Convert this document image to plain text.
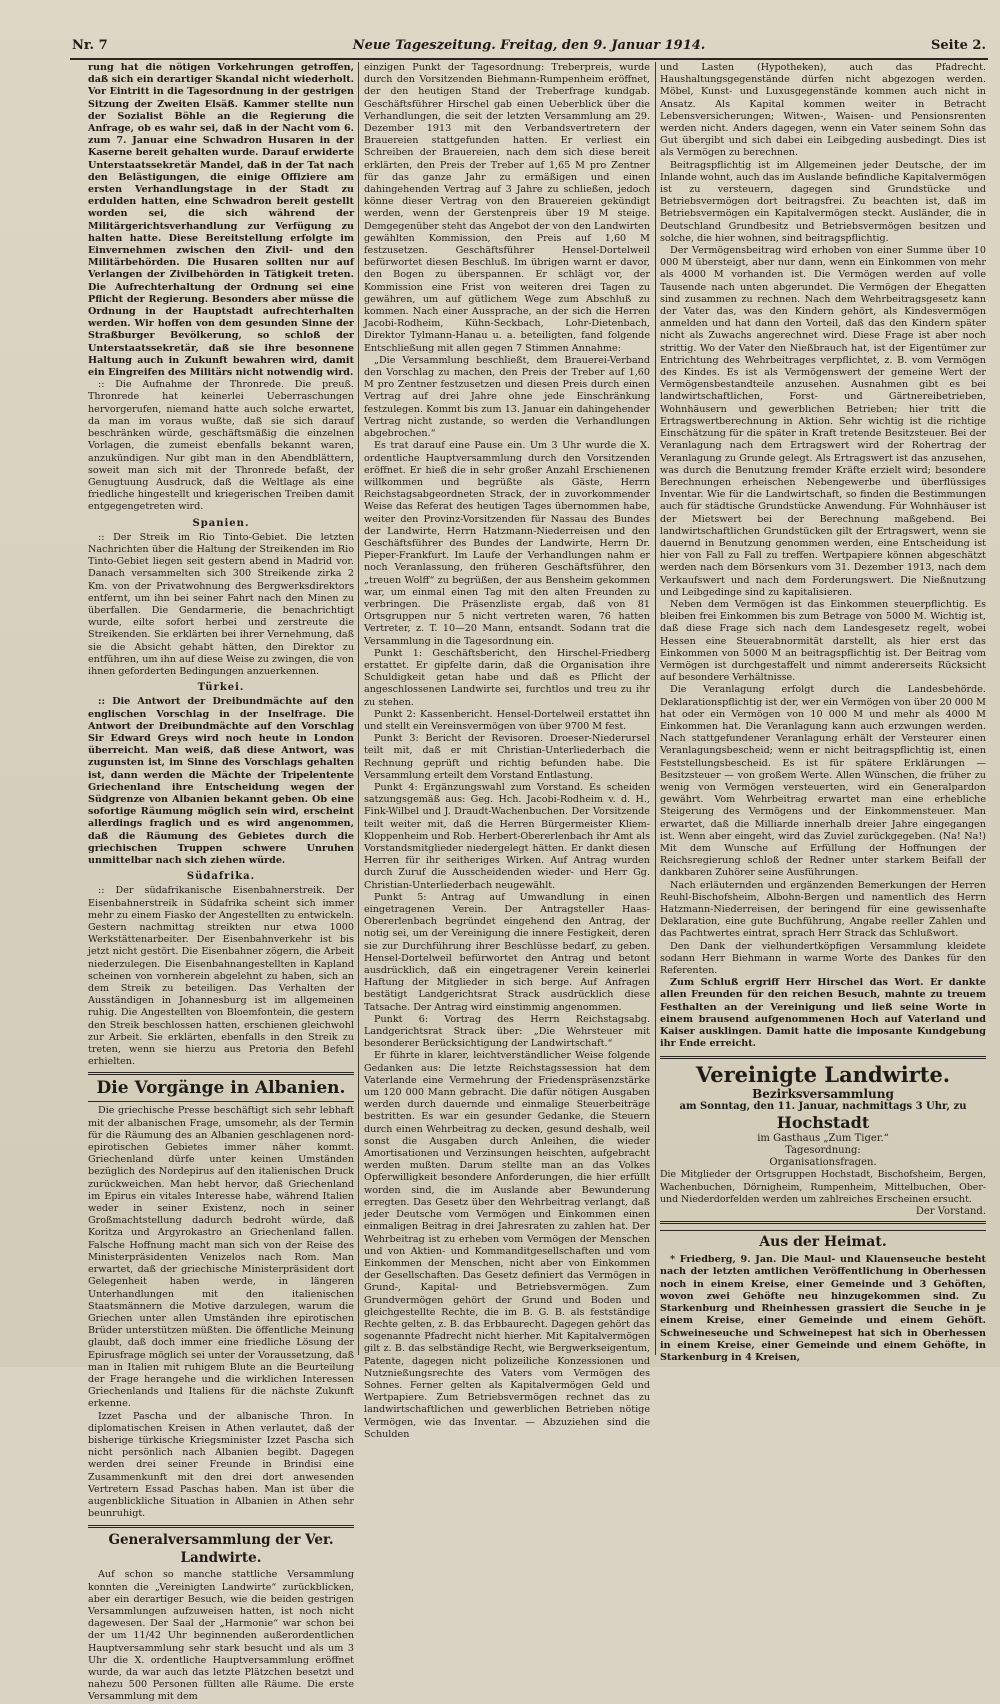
Nr. 7	Neue Tageszeitung. Freitag, den 9. Januar 1914.	Seite 2.

rung hat die nötigen Vorkehrungen getroffen, daß sich ein derartiger Skandal nicht wiederholt. Vor Eintritt in die Tagesordnung in der gestrigen Sitzung der Zweiten Elsäß. Kammer stellte nun der Sozialist Böhle an die Regierung die Anfrage, ob es wahr sei, daß in der Nacht vom 6. zum 7. Januar eine Schwadron Husaren in der Kaserne bereit gehalten wurde. Darauf erwiderte Unterstaatssekretär Mandel, daß in der Tat nach den Belästigungen, die einige Offiziere am ersten Verhandlungstage in der Stadt zu erdulden hatten, eine Schwadron bereit gestellt worden sei, die sich während der Militärgerichtsverhandlung zur Verfügung zu halten hatte. Diese Bereitstellung erfolgte im Einvernehmen zwischen den Zivil- und den Militärbehörden. Die Husaren sollten nur auf Verlangen der Zivilbehörden in Tätigkeit treten. Die Aufrechterhaltung der Ordnung sei eine Pflicht der Regierung. Besonders aber müsse die Ordnung in der Hauptstadt aufrechterhalten werden. Wir hoffen von dem gesunden Sinne der Straßburger Bevölkerung, so schloß der Unterstaatssekretär, daß sie ihre besonnene Haltung auch in Zukunft bewahren wird, damit ein Eingreifen des Militärs nicht notwendig wird.

:: Die Aufnahme der Thronrede. Die preuß. Thronrede hat keinerlei Ueberraschungen hervorgerufen, niemand hatte auch solche erwartet, da man im voraus wußte, daß sie sich darauf beschränken würde, geschäftsmäßig die einzelnen Vorlagen, die zumeist ebenfalls bekannt waren, anzukündigen. Nur gibt man in den Abendblättern, soweit man sich mit der Thronrede befaßt, der Genugtuung Ausdruck, daß die Weltlage als eine friedliche hingestellt und kriegerischen Treiben damit entgegengetreten wird.

Spanien.

:: Der Streik im Rio Tinto-Gebiet. Die letzten Nachrichten über die Haltung der Streikenden im Rio Tinto-Gebiet liegen seit gestern abend in Madrid vor. Danach versammelten sich 300 Streikende zirka 2 Km. von der Privatwohnung des Bergwerksdirektors entfernt, um ihn bei seiner Fahrt nach den Minen zu überfallen. Die Gendarmerie, die benachrichtigt wurde, eilte sofort herbei und zerstreute die Streikenden. Sie erklärten bei ihrer Vernehmung, daß sie die Absicht gehabt hätten, den Direktor zu entführen, um ihn auf diese Weise zu zwingen, die von ihnen geforderten Bedingungen anzuerkennen.

Türkei.

:: Die Antwort der Dreibundmächte auf den englischen Vorschlag in der Inselfrage. Die Antwort der Dreibundmächte auf den Vorschlag Sir Edward Greys wird noch heute in London überreicht. Man weiß, daß diese Antwort, was zugunsten ist, im Sinne des Vorschlags gehalten ist, dann werden die Mächte der Tripelentente Griechenland ihre Entscheidung wegen der Südgrenze von Albanien bekannt geben. Ob eine sofortige Räumung möglich sein wird, erscheint allerdings fraglich und es wird angenommen, daß die Räumung des Gebietes durch die griechischen Truppen schwere Unruhen unmittelbar nach sich ziehen würde.

Südafrika.

:: Der südafrikanische Eisenbahnerstreik. Der Eisenbahnerstreik in Südafrika scheint sich immer mehr zu einem Fiasko der Angestellten zu entwickeln. Gestern nachmittag streikten nur etwa 1000 Werkstättenarbeiter. Der Eisenbahnverkehr ist bis jetzt nicht gestört. Die Eisenbahner zögern, die Arbeit niederzulegen. Die Eisenbahnangestellten in Kapland scheinen von vornherein abgelehnt zu haben, sich an dem Streik zu beteiligen. Das Verhalten der Ausständigen in Johannesburg ist im allgemeinen ruhig. Die Angestellten von Bloemfontein, die gestern den Streik beschlossen hatten, erschienen gleichwohl zur Arbeit. Sie erklärten, ebenfalls in den Streik zu treten, wenn sie hierzu aus Pretoria den Befehl erhielten.

Die Vorgänge in Albanien.

Die griechische Presse beschäftigt sich sehr lebhaft mit der albanischen Frage, umsomehr, als der Termin für die Räumung des an Albanien geschlagenen nord-epirotischen Gebietes immer näher kommt. Griechenland dürfe unter keinen Umständen bezüglich des Nordepirus auf den italienischen Druck zurückweichen. Man hebt hervor, daß Griechenland im Epirus ein vitales Interesse habe, während Italien weder in seiner Existenz, noch in seiner Großmachtstellung dadurch bedroht würde, daß Koritza und Argyrokastro an Griechenland fallen. Falsche Hoffnung macht man sich von der Reise des Ministerpräsidenten Venizelos nach Rom. Man erwartet, daß der griechische Ministerpräsident dort Gelegenheit haben werde, in längeren Unterhandlungen mit den italienischen Staatsmännern die Motive darzulegen, warum die Griechen unter allen Umständen ihre epirotischen Brüder unterstützen müßten. Die öffentliche Meinung glaubt, daß doch immer eine friedliche Lösung der Epirusfrage möglich sei unter der Voraussetzung, daß man in Italien mit ruhigem Blute an die Beurteilung der Frage herangehe und die wirklichen Interessen Griechenlands und Italiens für die nächste Zukunft erkenne.

Izzet Pascha und der albanische Thron. In diplomatischen Kreisen in Athen verlautet, daß der bisherige türkische Kriegsminister Izzet Pascha sich nicht persönlich nach Albanien begibt. Dagegen werden drei seiner Freunde in Brindisi eine Zusammenkunft mit den drei dort anwesenden Vertretern Essad Paschas haben. Man ist über die augenblickliche Situation in Albanien in Athen sehr beunruhigt.

Generalversammlung der Ver. Landwirte.

Auf schon so manche stattliche Versammlung konnten die „Vereinigten Landwirte“ zurückblicken, aber ein derartiger Besuch, wie die beiden gestrigen Versammlungen aufzuweisen hatten, ist noch nicht dagewesen. Der Saal der „Harmonie“ war schon bei der um 11/42 Uhr beginnenden außerordentlichen Hauptversammlung sehr stark besucht und als um 3 Uhr die X. ordentliche Hauptversammlung eröffnet wurde, da war auch das letzte Plätzchen besetzt und nahezu 500 Personen füllten alle Räume. Die erste Versammlung mit dem

einzigen Punkt der Tagesordnung: Treberpreis, wurde durch den Vorsitzenden Biehmann-Rumpenheim eröffnet, der den heutigen Stand der Treberfrage kundgab. Geschäftsführer Hirschel gab einen Ueberblick über die Verhandlungen, die seit der letzten Versammlung am 29. Dezember 1913 mit den Verbandsvertretern der Brauereien stattgefunden hatten. Er verliest ein Schreiben der Brauereien, nach dem sich diese bereit erklärten, den Preis der Treber auf 1,65 M pro Zentner für das ganze Jahr zu ermäßigen und einen dahingehenden Vertrag auf 3 Jahre zu schließen, jedoch könne dieser Vertrag von den Brauereien gekündigt werden, wenn der Gerstenpreis über 19 M steige. Demgegenüber steht das Angebot der von den Landwirten gewählten Kommission, den Preis auf 1,60 M festzusetzen. Geschäftsführer Hensel-Dortelweil befürwortet diesen Beschluß. Im übrigen warnt er davor, den Bogen zu überspannen. Er schlägt vor, der Kommission eine Frist von weiteren drei Tagen zu gewähren, um auf gütlichem Wege zum Abschluß zu kommen. Nach einer Aussprache, an der sich die Herren Jacobi-Rodheim, Kühn-Seckbach, Lohr-Dietenbach, Direktor Tylmann-Hanau u. a. beteiligten, fand folgende Entschließung mit allen gegen 7 Stimmen Annahme:

„Die Versammlung beschließt, dem Brauerei-Verband den Vorschlag zu machen, den Preis der Treber auf 1,60 M pro Zentner festzusetzen und diesen Preis durch einen Vertrag auf drei Jahre ohne jede Einschränkung festzulegen. Kommt bis zum 13. Januar ein dahingehender Vertrag nicht zustande, so werden die Verhandlungen abgebrochen.“

Es trat darauf eine Pause ein. Um 3 Uhr wurde die X. ordentliche Hauptversammlung durch den Vorsitzenden eröffnet. Er hieß die in sehr großer Anzahl Erschienenen willkommen und begrüßte als Gäste, Herrn Reichstagsabgeordneten Strack, der in zuvorkommender Weise das Referat des heutigen Tages übernommen habe, weiter den Provinz-Vorsitzenden für Nassau des Bundes der Landwirte, Herrn Hatzmann-Niederreisen und den Geschäftsführer des Bundes der Landwirte, Herrn Dr. Pieper-Frankfurt. Im Laufe der Verhandlungen nahm er noch Veranlassung, den früheren Geschäftsführer, den „treuen Wolff“ zu begrüßen, der aus Bensheim gekommen war, um einmal einen Tag mit den alten Freunden zu verbringen. Die Präsenzliste ergab, daß von 81 Ortsgruppen nur 5 nicht vertreten waren, 76 hatten Vertreter, z. T. 10—20 Mann, entsandt. Sodann trat die Versammlung in die Tagesordnung ein.

Punkt 1: Geschäftsbericht, den Hirschel-Friedberg erstattet. Er gipfelte darin, daß die Organisation ihre Schuldigkeit getan habe und daß es Pflicht der angeschlossenen Landwirte sei, furchtlos und treu zu ihr zu stehen.

Punkt 2: Kassenbericht. Hensel-Dortelweil erstattet ihn und stellt ein Vereinsvermögen von über 9700 M fest.

Punkt 3: Bericht der Revisoren. Droeser-Niederursel teilt mit, daß er mit Christian-Unterliederbach die Rechnung geprüft und richtig befunden habe. Die Versammlung erteilt dem Vorstand Entlastung.

Punkt 4: Ergänzungswahl zum Vorstand. Es scheiden satzungsgemäß aus: Geg. Hch. Jacobi-Rodheim v. d. H., Fink-Wilbel und J. Draudt-Wachenbuchen. Der Vorsitzende teilt weiter mit, daß die Herren Bürgermeister Kliem-Kloppenheim und Rob. Herbert-Obererlenbach ihr Amt als Vorstandsmitglieder niedergelegt hätten. Er dankt diesen Herren für ihr seitheriges Wirken. Auf Antrag wurden durch Zuruf die Ausscheidenden wieder- und Herr Gg. Christian-Unterliederbach neugewählt.

Punkt 5: Antrag auf Umwandlung in einen eingetragenen Verein. Der Antragsteller Haas-Obererlenbach begründet eingehend den Antrag, der notig sei, um der Vereinigung die innere Festigkeit, deren sie zur Durchführung ihrer Beschlüsse bedarf, zu geben. Hensel-Dortelweil befürwortet den Antrag und betont ausdrücklich, daß ein eingetragener Verein keinerlei Haftung der Mitglieder in sich berge. Auf Anfragen bestätigt Landgerichtsrat Strack ausdrücklich diese Tatsache. Der Antrag wird einstimmig angenommen.

Punkt 6: Vortrag des Herrn Reichstagsabg. Landgerichtsrat Strack über: „Die Wehrsteuer mit besonderer Berücksichtigung der Landwirtschaft.“

Er führte in klarer, leichtverständlicher Weise folgende Gedanken aus: Die letzte Reichstagssession hat dem Vaterlande eine Vermehrung der Friedenspräsenzstärke um 120 000 Mann gebracht. Die dafür nötigen Ausgaben werden durch dauernde und einmalige Steuerbeiträge bestritten. Es war ein gesunder Gedanke, die Steuern durch einen Wehrbeitrag zu decken, gesund deshalb, weil sonst die Ausgaben durch Anleihen, die wieder Amortisationen und Verzinsungen heischten, aufgebracht werden mußten. Darum stellte man an das Volkes Opferwilligkeit besondere Anforderungen, die hier erfüllt worden sind, die im Auslande aber Bewunderung erregten. Das Gesetz über den Wehrbeitrag verlangt, daß jeder Deutsche vom Vermögen und Einkommen einen einmaligen Beitrag in drei Jahresraten zu zahlen hat. Der Wehrbeitrag ist zu erheben vom Vermögen der Menschen und von Aktien- und Kommanditgesellschaften und vom Einkommen der Menschen, nicht aber von Einkommen der Gesellschaften. Das Gesetz definiert das Vermögen in Grund-, Kapital- und Betriebsvermögen. Zum Grundvermögen gehört der Grund und Boden und gleichgestellte Rechte, die im B. G. B. als festständige Rechte gelten, z. B. das Erbbaurecht. Dagegen gehört das sogenannte Pfadrecht nicht hierher. Mit Kapitalvermögen gilt z. B. das selbständige Recht, wie Bergwerkseigentum, Patente, dagegen nicht polizeiliche Konzessionen und Nutznießungsrechte des Vaters vom Vermögen des Sohnes. Ferner gelten als Kapitalvermögen Geld und Wertpapiere. Zum Betriebsvermögen rechnet das zu landwirtschaftlichen und gewerblichen Betrieben nötige Vermögen, wie das Inventar. — Abzuziehen sind die Schulden

und Lasten (Hypotheken), auch das Pfadrecht. Haushaltungsgegenstände dürfen nicht abgezogen werden. Möbel, Kunst- und Luxusgegenstände kommen auch nicht in Ansatz. Als Kapital kommen weiter in Betracht Lebensversicherungen; Witwen-, Waisen- und Pensionsrenten werden nicht. Anders dagegen, wenn ein Vater seinem Sohn das Gut übergibt und sich dabei ein Leibgeding ausbedingt. Dies ist als Vermögen zu berechnen.

Beitragspflichtig ist im Allgemeinen jeder Deutsche, der im Inlande wohnt, auch das im Auslande befindliche Kapitalvermögen ist zu versteuern, dagegen sind Grundstücke und Betriebsvermögen dort beitragsfrei. Zu beachten ist, daß im Betriebsvermögen ein Kapitalvermögen steckt. Ausländer, die in Deutschland Grundbesitz und Betriebsvermögen besitzen und solche, die hier wohnen, sind beitragspflichtig.

Der Vermögensbeitrag wird erhoben von einer Summe über 10 000 M übersteigt, aber nur dann, wenn ein Einkommen von mehr als 4000 M vorhanden ist. Die Vermögen werden auf volle Tausende nach unten abgerundet. Die Vermögen der Ehegatten sind zusammen zu rechnen. Nach dem Wehrbeitragsgesetz kann der Vater das, was den Kindern gehört, als Kindesvermögen anmelden und hat dann den Vorteil, daß das den Kindern später nicht als Zuwachs angerechnet wird. Diese Frage ist aber noch strittig. Wo der Vater den Nießbrauch hat, ist der Eigentümer zur Entrichtung des Wehrbeitrages verpflichtet, z. B. vom Vermögen des Kindes. Es ist als Vermögenswert der gemeine Wert der Vermögensbestandteile anzusehen. Ausnahmen gibt es bei landwirtschaftlichen, Forst- und Gärtnereibetrieben, Wohnhäusern und gewerblichen Betrieben; hier tritt die Ertragswertberechnung in Aktion. Sehr wichtig ist die richtige Einschätzung für die später in Kraft tretende Besitzsteuer. Bei der Veranlagung nach dem Ertragswert wird der Rohertrag der Veranlagung zu Grunde gelegt. Als Ertragswert ist das anzusehen, was durch die Benutzung fremder Kräfte erzielt wird; besondere Berechnungen erheischen Nebengewerbe und überflüssiges Inventar. Wie für die Landwirtschaft, so finden die Bestimmungen auch für städtische Grundstücke Anwendung. Für Wohnhäuser ist der Mietswert bei der Berechnung maßgebend. Bei landwirtschaftlichen Grundstücken gilt der Ertragswert, wenn sie dauernd in Benutzung genommen werden, eine Entscheidung ist hier von Fall zu Fall zu treffen. Wertpapiere können abgeschätzt werden nach dem Börsenkurs vom 31. Dezember 1913, nach dem Verkaufswert und nach dem Forderungswert. Die Nießnutzung und Leibgedinge sind zu kapitalisieren.

Neben dem Vermögen ist das Einkommen steuerpflichtig. Es bleiben frei Einkommen bis zum Betrage von 5000 M. Wichtig ist, daß diese Frage sich nach dem Landesgesetz regelt, wobei Hessen eine Steuerabnormität darstellt, als hier erst das Einkommen von 5000 M an beitragspflichtig ist. Der Beitrag vom Vermögen ist durchgestaffelt und nimmt andererseits Rücksicht auf besondere Verhältnisse.

Die Veranlagung erfolgt durch die Landesbehörde. Deklarationspflichtig ist der, wer ein Vermögen von über 20 000 M hat oder ein Vermögen von 10 000 M und mehr als 4000 M Einkommen hat. Die Veranlagung kann auch erzwungen werden. Nach stattgefundener Veranlagung erhält der Versteurer einen Veranlagungsbescheid; wenn er nicht beitragspflichtig ist, einen Feststellungsbescheid. Es ist für spätere Erklärungen — Besitzsteuer — von großem Werte. Allen Wünschen, die früher zu wenig von Vermögen versteuerten, wird ein Generalpardon gewährt. Vom Wehrbeitrag erwartet man eine erhebliche Steigerung des Vermögens und der Einkommensteuer. Man erwartet, daß die Milliarde innerhalb dreier Jahre eingegangen ist. Wenn aber eingeht, wird das Zuviel zurückgegeben. (Na! Na!) Mit dem Wunsche auf Erfüllung der Hoffnungen der Reichsregierung schloß der Redner unter starkem Beifall der dankbaren Zuhörer seine Ausführungen.

Nach erläuternden und ergänzenden Bemerkungen der Herren Reuhl-Bischofsheim, Albohn-Bergen und namentlich des Herrn Hatzmann-Niederreisen, der beringend für eine gewissenhafte Deklaration, eine gute Buchführung, Angabe reeller Zahlen und das Pachtwertes eintrat, sprach Herr Strack das Schlußwort.

Den Dank der vielhundertköpfigen Versammlung kleidete sodann Herr Biehmann in warme Worte des Dankes für den Referenten.

Zum Schluß ergriff Herr Hirschel das Wort. Er dankte allen Freunden für den reichen Besuch, mahnte zu treuem Festhalten an der Vereinigung und ließ seine Worte in einem brausend aufgenommenen Hoch auf Vaterland und Kaiser ausklingen. Damit hatte die imposante Kundgebung ihr Ende erreicht.

Vereinigte Landwirte.
Bezirksversammlung
am Sonntag, den 11. Januar, nachmittags 3 Uhr, zu
Hochstadt
im Gasthaus „Zum Tiger.“
Tagesordnung:
Organisationsfragen.
Die Mitglieder der Ortsgruppen Hochstadt, Bischofsheim, Bergen, Wachenbuchen, Dörnigheim, Rumpenheim, Mittelbuchen, Ober- und Niederdorfelden werden um zahlreiches Erscheinen ersucht.
Der Vorstand.
Aus der Heimat.

* Friedberg, 9. Jan. Die Maul- und Klauenseuche besteht nach der letzten amtlichen Veröffentlichung in Oberhessen noch in einem Kreise, einer Gemeinde und 3 Gehöften, wovon zwei Gehöfte neu hinzugekommen sind. Zu Starkenburg und Rheinhessen grassiert die Seuche in je einem Kreise, einer Gemeinde und einem Gehöft. Schweineseuche und Schweinepest hat sich in Oberhessen in einem Kreise, einer Gemeinde und einem Gehöfte, in Starkenburg in 4 Kreisen,
